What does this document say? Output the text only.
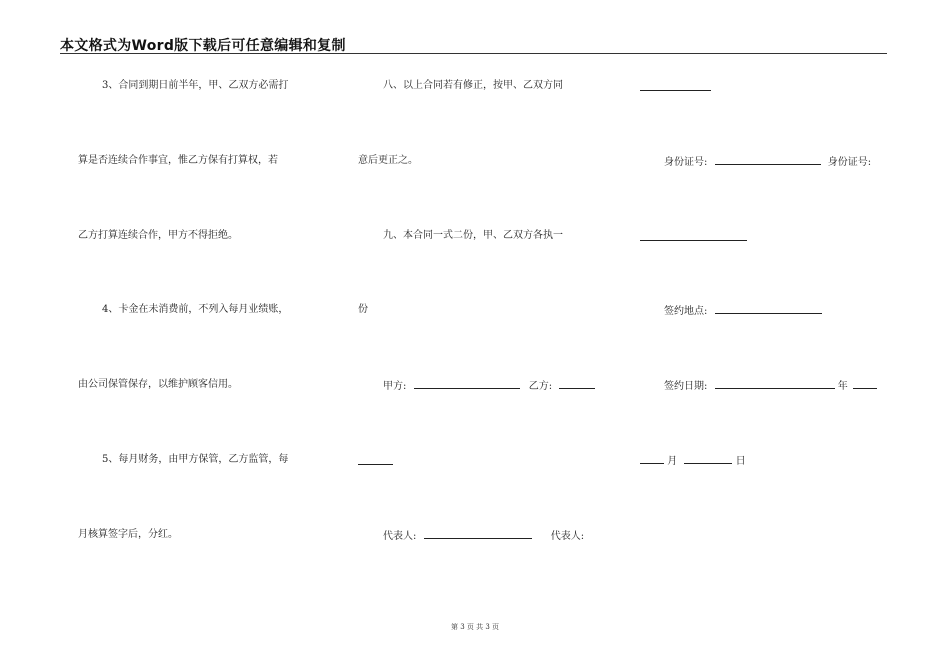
本文格式为Word版下载后可任意编辑和复制
3、合同到期日前半年，甲、乙双方必需打
算是否连续合作事宜，惟乙方保有打算权，若
乙方打算连续合作，甲方不得拒绝。
4、卡金在未消费前，不列入每月业绩账，
由公司保管保存，以维护顾客信用。
5、每月财务，由甲方保管，乙方监管，每
月核算签字后，分红。
八、以上合同若有修正，按甲、乙双方同
意后更正之。
九、本合同一式二份，甲、乙双方各执一
份
甲方:	乙方:
代表人:	代表人:
身份证号:	身份证号:
签约地点:
签约日期:	年
月	日
第 3 页 共 3 页
